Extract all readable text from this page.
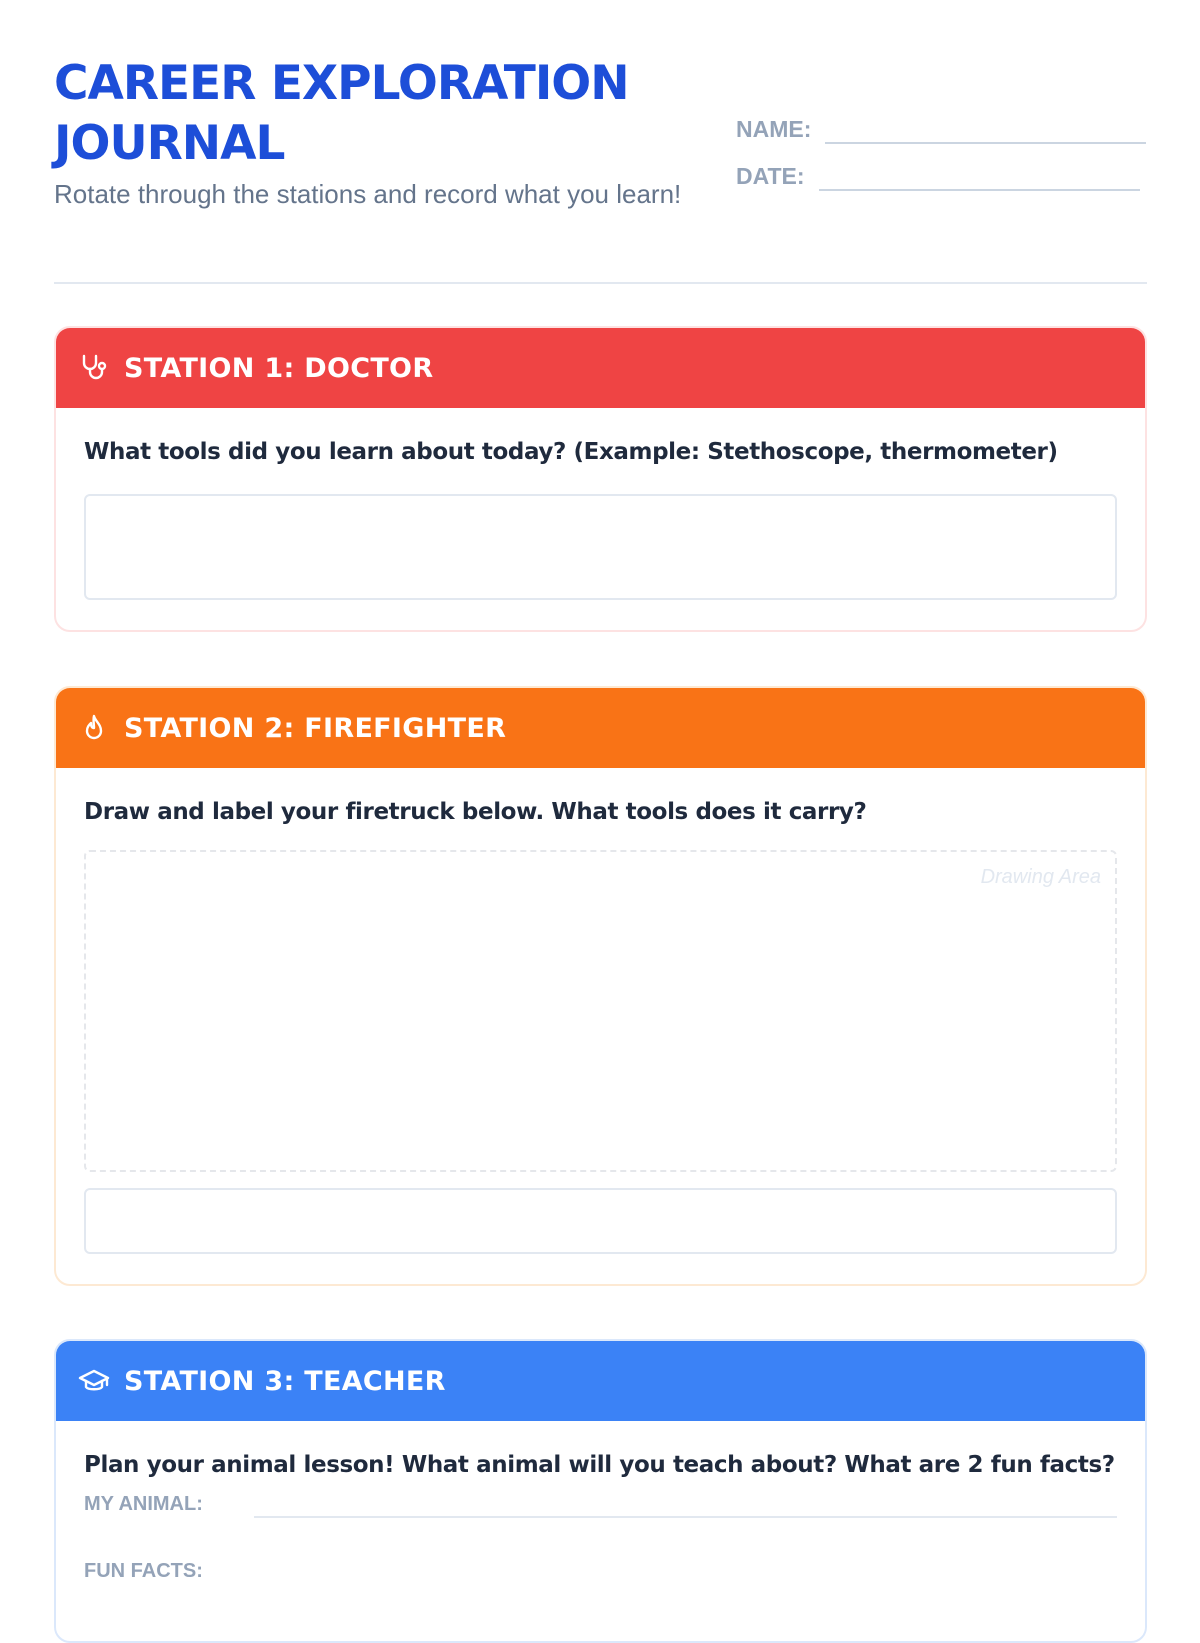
CAREER EXPLORATION JOURNAL

Rotate through the stations and record what you learn!

NAME:
DATE:
STATION 1: DOCTOR
What tools did you learn about today? (Example: Stethoscope, thermometer)
STATION 2: FIREFIGHTER
Draw and label your firetruck below. What tools does it carry?
Drawing Area
STATION 3: TEACHER
Plan your animal lesson! What animal will you teach about? What are 2 fun facts?
MY ANIMAL:
FUN FACTS:
